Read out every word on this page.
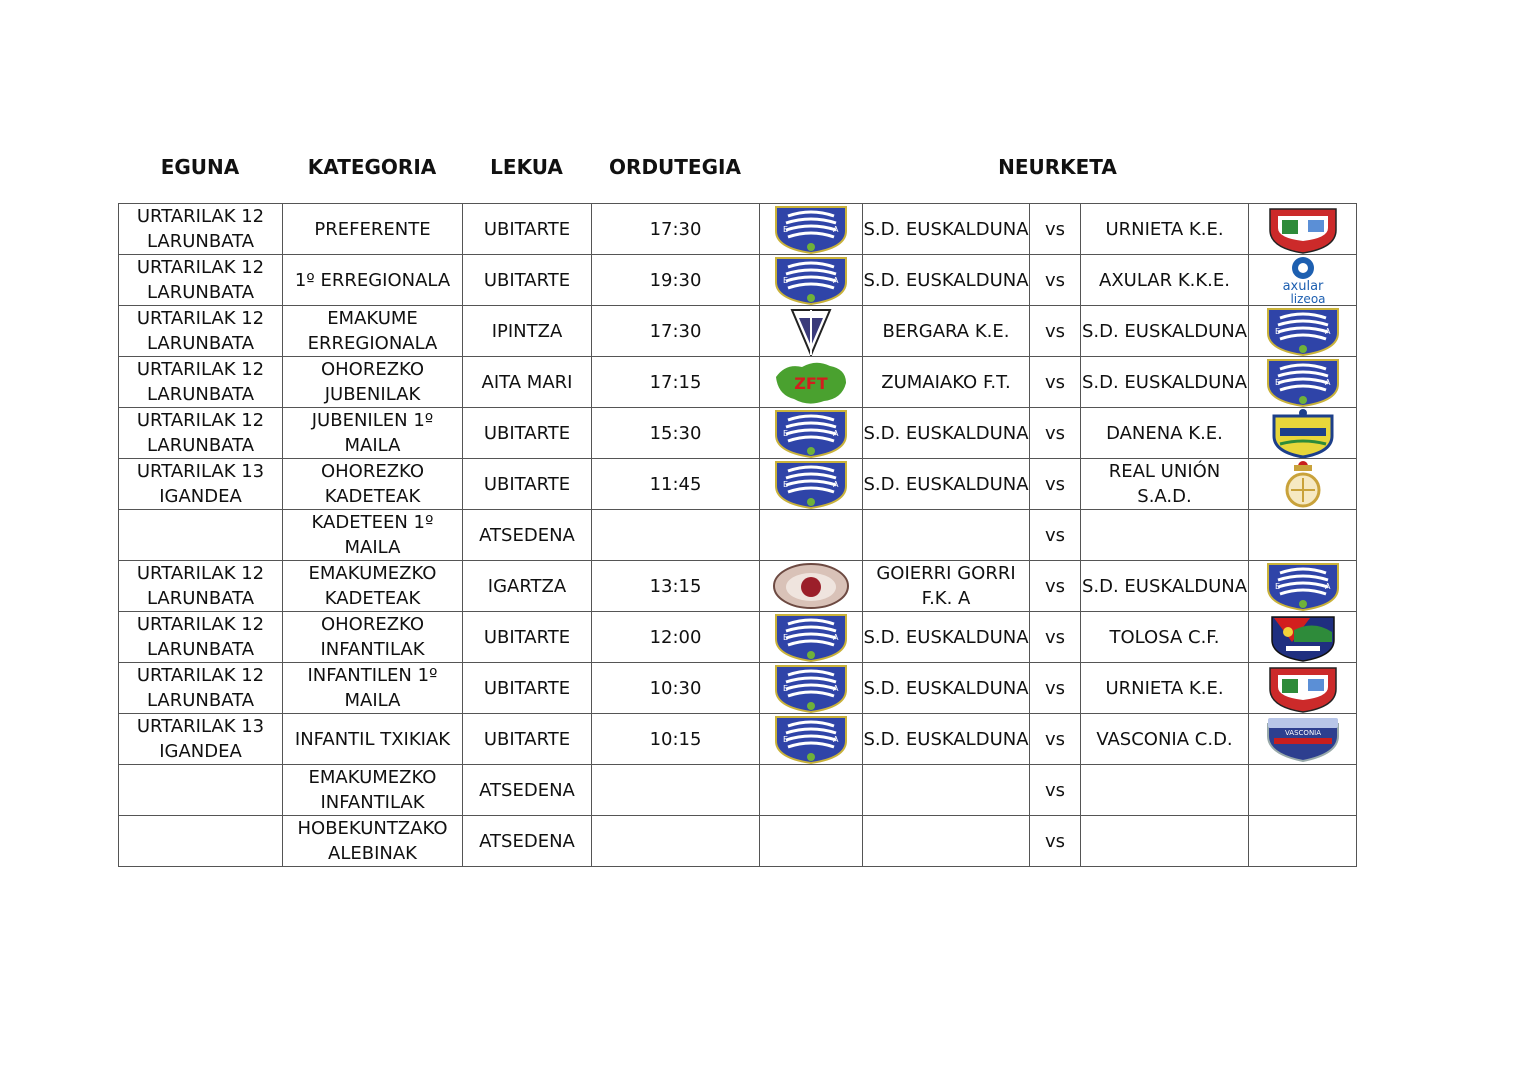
EGUNA	KATEGORIA	LEKUA	ORDUTEGIA	NEURKETA
URTARILAK 12 LARUNBATA	PREFERENTE	UBITARTE	17:30	E A	S.D. EUSKALDUNA	vs	URNIETA K.E.	

URTARILAK 12 LARUNBATA	1º ERREGIONALA	UBITARTE	19:30	E A	S.D. EUSKALDUNA	vs	AXULAR K.K.E.	axular
lizeoa

URTARILAK 12 LARUNBATA	EMAKUME ERREGIONALA	IPINTZA	17:30		BERGARA K.E.	vs	S.D. EUSKALDUNA	E A

URTARILAK 12 LARUNBATA	OHOREZKO JUBENILAK	AITA MARI	17:15	ZFT	ZUMAIAKO F.T.	vs	S.D. EUSKALDUNA	E A

URTARILAK 12 LARUNBATA	JUBENILEN 1º MAILA	UBITARTE	15:30	E A	S.D. EUSKALDUNA	vs	DANENA K.E.	

URTARILAK 13 IGANDEA	OHOREZKO KADETEAK	UBITARTE	11:45	E A	S.D. EUSKALDUNA	vs	REAL UNIÓN S.A.D.	

	KADETEEN 1º MAILA	ATSEDENA				vs		
URTARILAK 12 LARUNBATA	EMAKUMEZKO KADETEAK	IGARTZA	13:15		GOIERRI GORRI F.K. A	vs	S.D. EUSKALDUNA	E A

URTARILAK 12 LARUNBATA	OHOREZKO INFANTILAK	UBITARTE	12:00	E A	S.D. EUSKALDUNA	vs	TOLOSA C.F.	

URTARILAK 12 LARUNBATA	INFANTILEN 1º MAILA	UBITARTE	10:30	E A	S.D. EUSKALDUNA	vs	URNIETA K.E.	

URTARILAK 13 IGANDEA	INFANTIL TXIKIAK	UBITARTE	10:15	E A	S.D. EUSKALDUNA	vs	VASCONIA C.D.	VASCONIA

	EMAKUMEZKO INFANTILAK	ATSEDENA				vs		
	HOBEKUNTZAKO ALEBINAK	ATSEDENA				vs		
